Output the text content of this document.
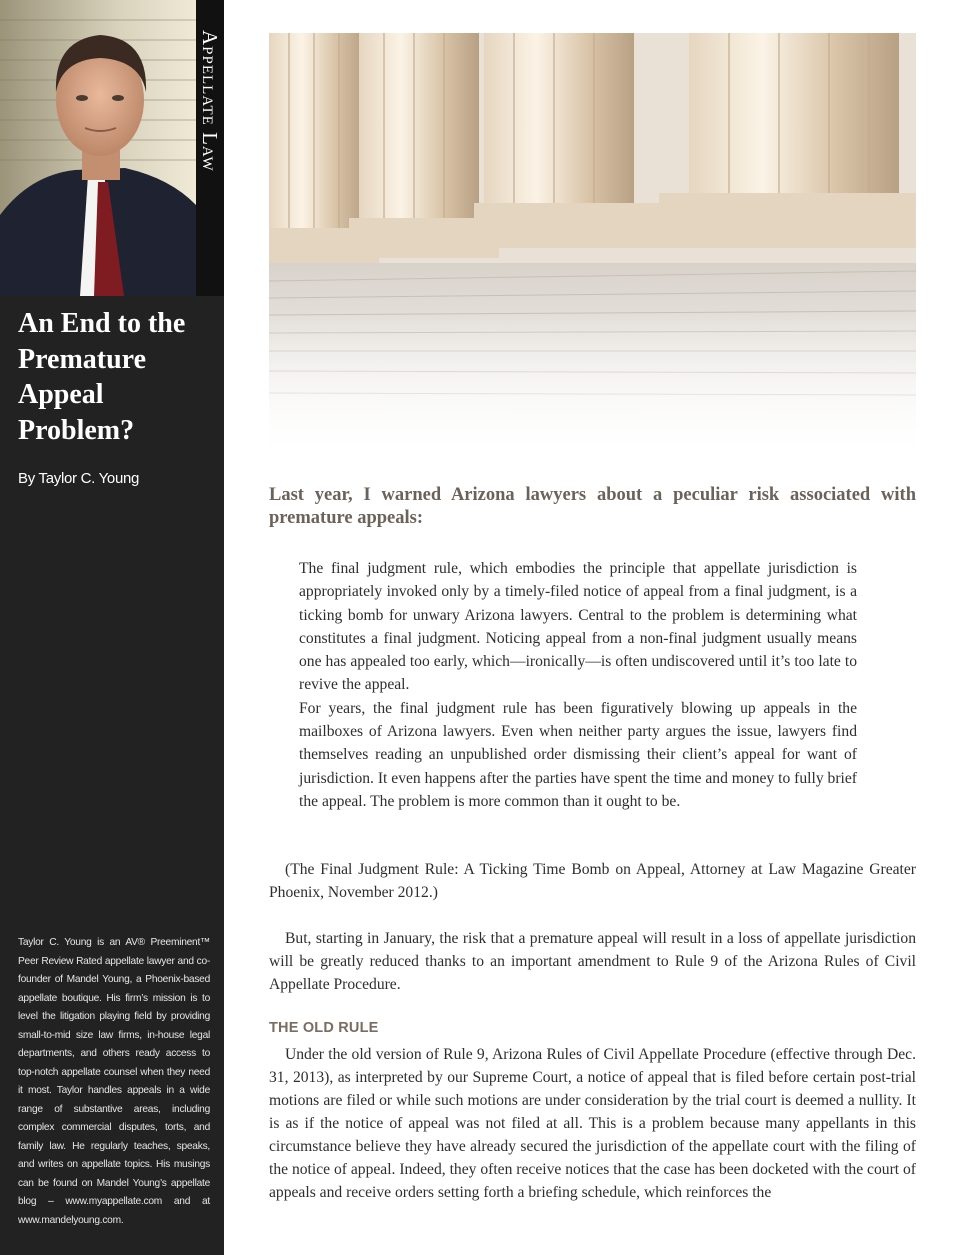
Appellate Law
An End to the Premature Appeal Problem?
By Taylor C. Young

Taylor C. Young is an AV® Preeminent™ Peer Review Rated appellate lawyer and co-founder of Mandel Young, a Phoenix-based appellate boutique. His firm’s mission is to level the litigation playing field by providing small-to-mid size law firms, in-house legal departments, and others ready access to top-notch appellate counsel when they need it most. Taylor handles appeals in a wide range of substantive areas, including complex commercial disputes, torts, and family law. He regularly teaches, speaks, and writes on appellate topics. His musings can be found on Mandel Young’s appellate blog – www.myappellate.com and at www.mandelyoung.com.

Last year, I warned Arizona lawyers about a peculiar risk associated with premature appeals:

The final judgment rule, which embodies the principle that appellate jurisdiction is appropriately invoked only by a timely-filed notice of appeal from a final judgment, is a ticking bomb for unwary Arizona lawyers. Central to the problem is determining what constitutes a final judgment. Noticing appeal from a non-final judgment usually means one has appealed too early, which—ironically—is often undiscovered until it’s too late to revive the appeal.

For years, the final judgment rule has been figuratively blowing up appeals in the mailboxes of Arizona lawyers. Even when neither party argues the issue, lawyers find themselves reading an unpublished order dismissing their client’s appeal for want of jurisdiction. It even happens after the parties have spent the time and money to fully brief the appeal. The problem is more common than it ought to be.

(The Final Judgment Rule: A Ticking Time Bomb on Appeal, Attorney at Law Magazine Greater Phoenix, November 2012.)

But, starting in January, the risk that a premature appeal will result in a loss of appellate jurisdiction will be greatly reduced thanks to an important amendment to Rule 9 of the Arizona Rules of Civil Appellate Procedure.

THE OLD RULE

Under the old version of Rule 9, Arizona Rules of Civil Appellate Procedure (effective through Dec. 31, 2013), as interpreted by our Supreme Court, a notice of appeal that is filed before certain post-trial motions are filed or while such motions are under consideration by the trial court is deemed a nullity. It is as if the notice of appeal was not filed at all. This is a problem because many appellants in this circumstance believe they have already secured the jurisdiction of the appellate court with the filing of the notice of appeal. Indeed, they often receive notices that the case has been docketed with the court of appeals and receive orders setting forth a briefing schedule, which reinforces the
